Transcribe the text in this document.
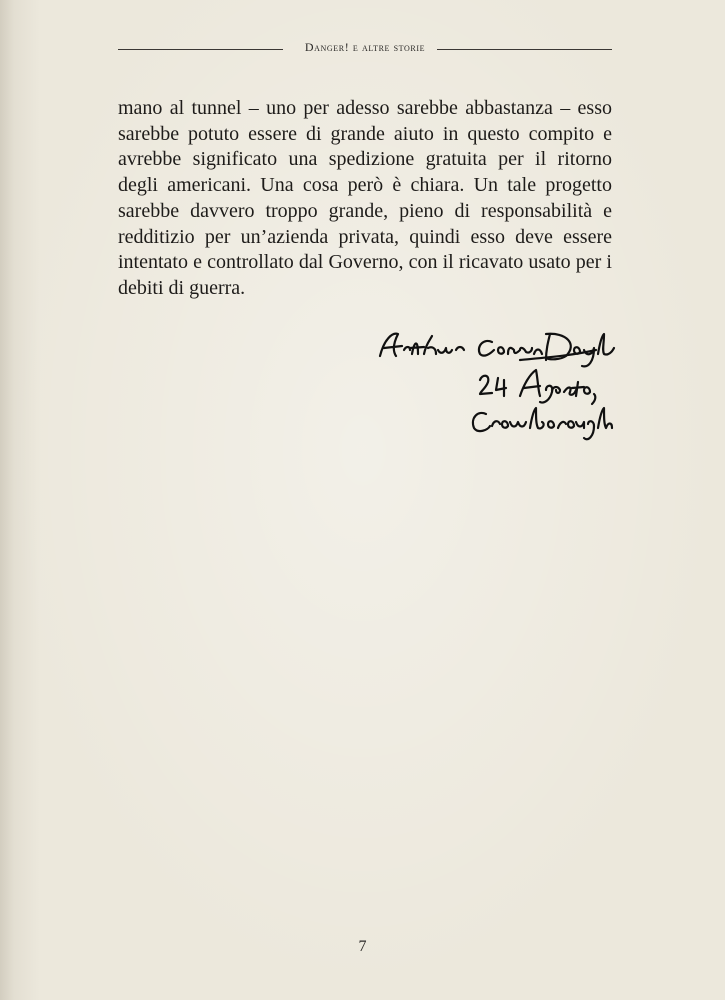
Danger! e altre storie

mano al tunnel – uno per adesso sarebbe abbastanza – esso sarebbe potuto essere di grande aiuto in questo compito e avrebbe significato una spedizione gratuita per il ritorno degli americani. Una cosa però è chiara. Un tale progetto sarebbe davvero troppo grande, pieno di responsabilità e redditizio per un’azienda privata, quindi esso deve essere intentato e controllato dal Governo, con il ricavato usato per i debiti di guerra.

7
